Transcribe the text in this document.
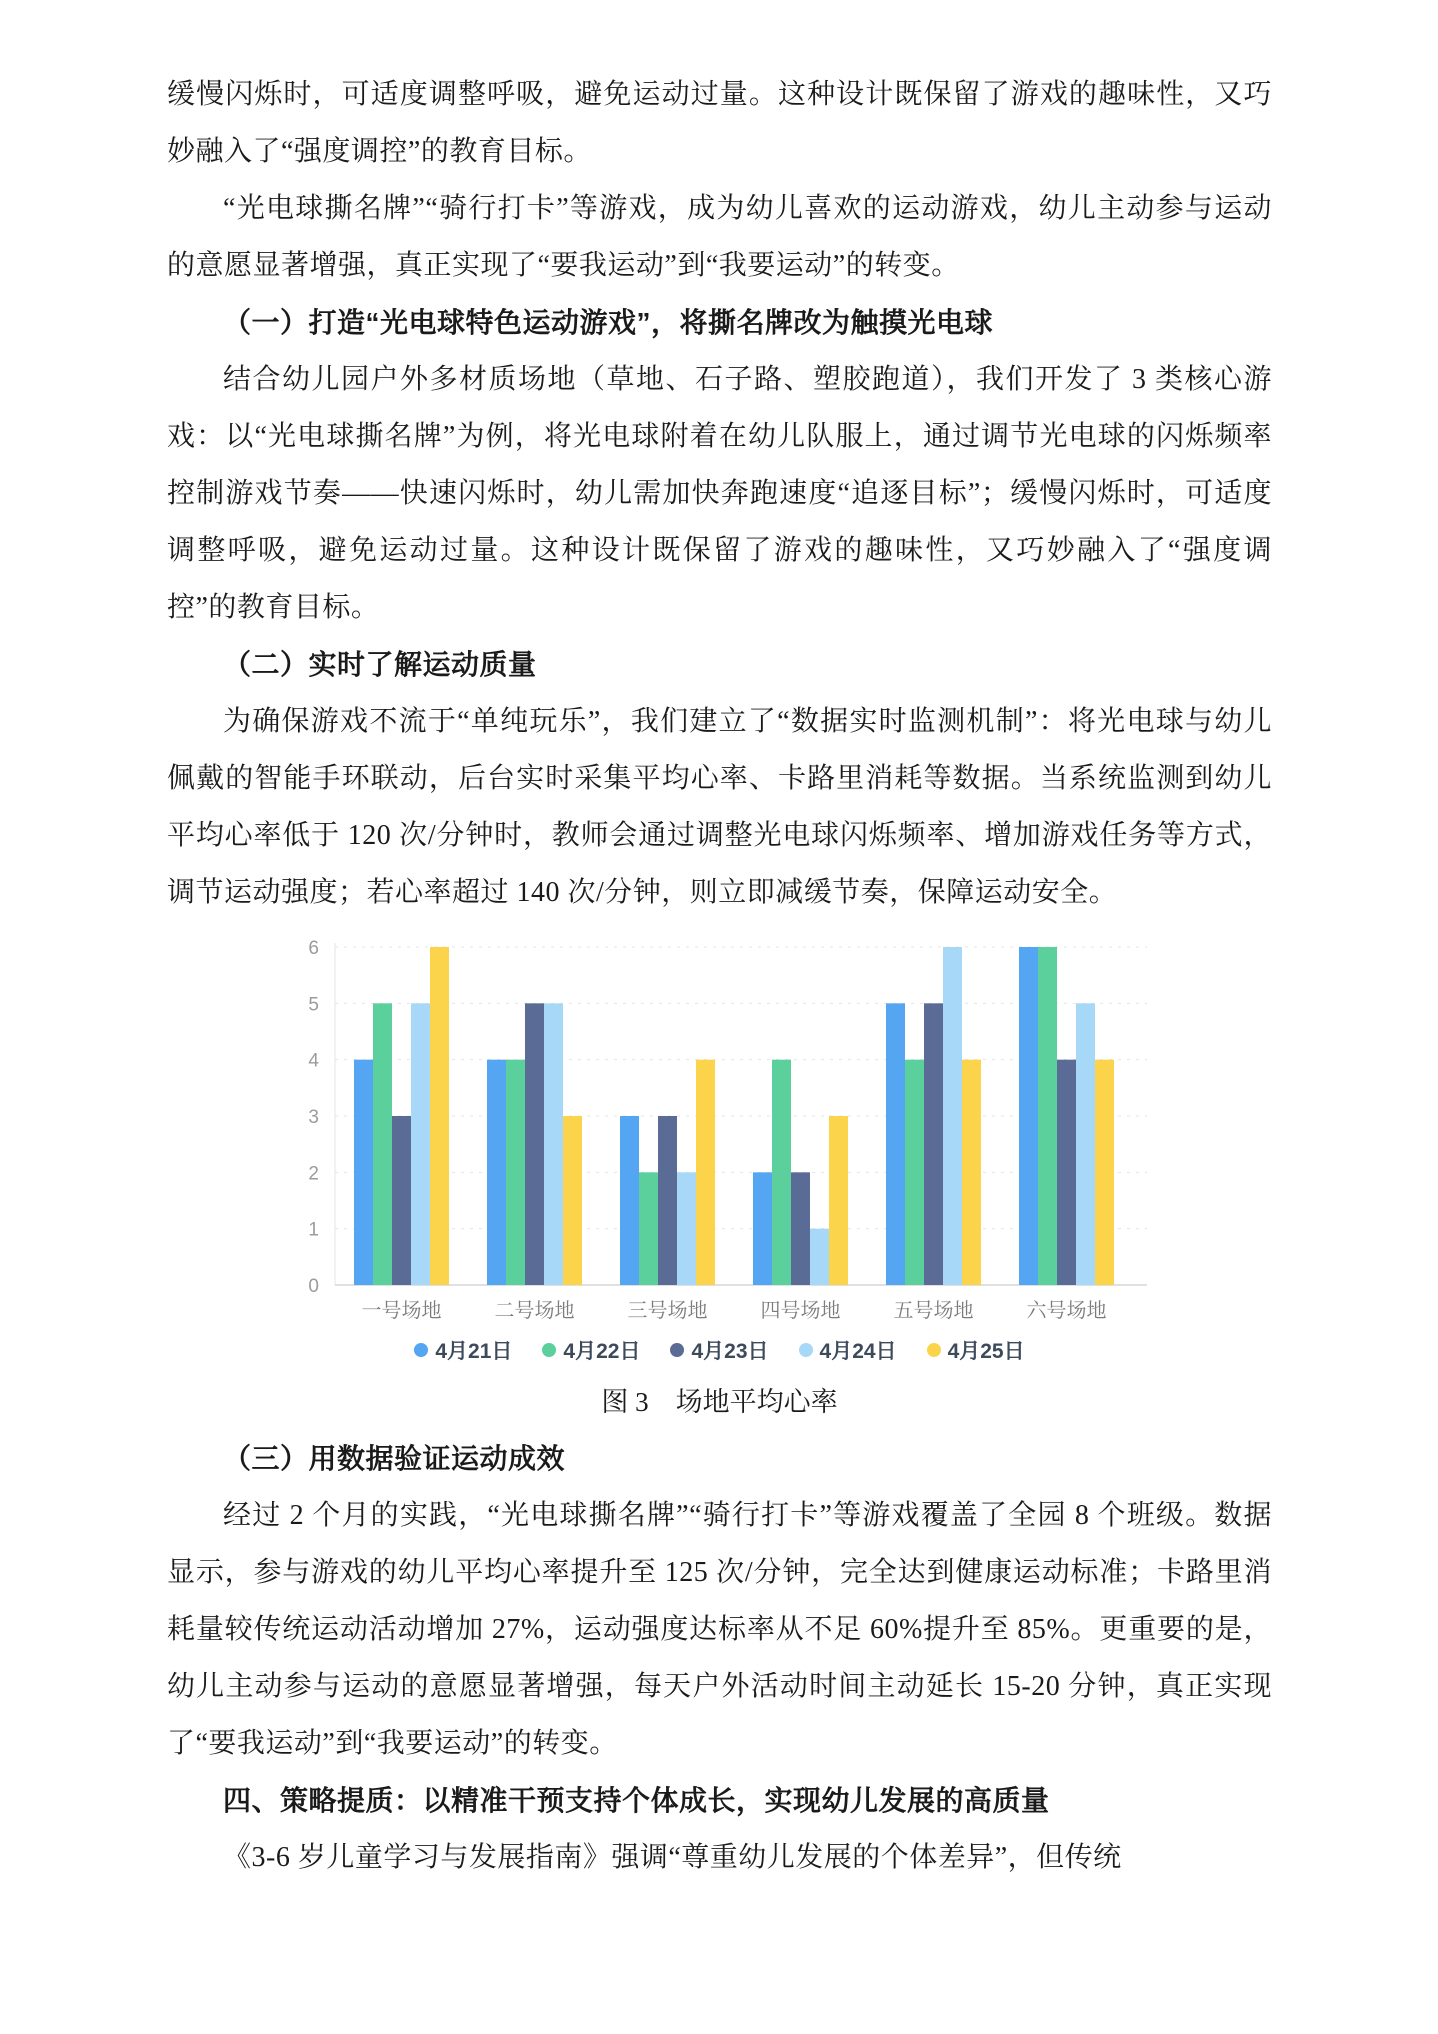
缓慢闪烁时，可适度调整呼吸，避免运动过量。这种设计既保留了游戏的趣味性，又巧妙融入了“强度调控”的教育目标。

“光电球撕名牌”“骑行打卡”等游戏，成为幼儿喜欢的运动游戏，幼儿主动参与运动的意愿显著增强，真正实现了“要我运动”到“我要运动”的转变。

（一）打造“光电球特色运动游戏”，将撕名牌改为触摸光电球

结合幼儿园户外多材质场地（草地、石子路、塑胶跑道），我们开发了 3 类核心游戏：以“光电球撕名牌”为例，将光电球附着在幼儿队服上，通过调节光电球的闪烁频率控制游戏节奏——快速闪烁时，幼儿需加快奔跑速度“追逐目标”；缓慢闪烁时，可适度调整呼吸，避免运动过量。这种设计既保留了游戏的趣味性，又巧妙融入了“强度调控”的教育目标。

（二）实时了解运动质量

为确保游戏不流于“单纯玩乐”，我们建立了“数据实时监测机制”：将光电球与幼儿佩戴的智能手环联动，后台实时采集平均心率、卡路里消耗等数据。当系统监测到幼儿平均心率低于 120 次/分钟时，教师会通过调整光电球闪烁频率、增加游戏任务等方式，调节运动强度；若心率超过 140 次/分钟，则立即减缓节奏，保障运动安全。

0
1
2
3
4
5
6
一号场地	二号场地	三号场地	四号场地	五号场地	六号场地
4月21日 4月22日 4月23日 4月24日 4月25日
图 3　场地平均心率

（三）用数据验证运动成效

经过 2 个月的实践，“光电球撕名牌”“骑行打卡”等游戏覆盖了全园 8 个班级。数据显示，参与游戏的幼儿平均心率提升至 125 次/分钟，完全达到健康运动标准；卡路里消耗量较传统运动活动增加 27%，运动强度达标率从不足 60%提升至 85%。更重要的是，幼儿主动参与运动的意愿显著增强，每天户外活动时间主动延长 15-20 分钟，真正实现了“要我运动”到“我要运动”的转变。

四、策略提质：以精准干预支持个体成长，实现幼儿发展的高质量

《3-6 岁儿童学习与发展指南》强调“尊重幼儿发展的个体差异”，但传统
